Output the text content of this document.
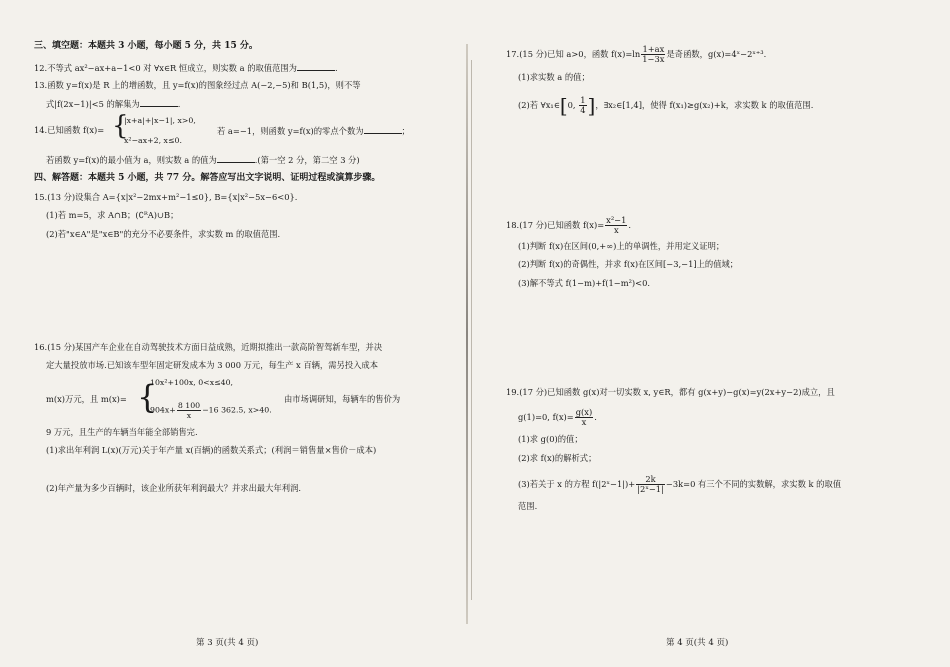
三、填空题：本题共 3 小题，每小题 5 分，共 15 分。
12.不等式 ax²−ax+a−1<0 对 ∀x∈R 恒成立，则实数 a 的取值范围为	.
13.函数 y=f(x)是 R 上的增函数，且 y=f(x)的图象经过点 A(−2,−5)和 B(1,5)，则不等
式|f(2x−1)|<5 的解集为	.
14.已知函数 f(x)= {
|x+a|+|x−1|, x>0,
x²−ax+2, x≤0.
若 a=−1，则函数 y=f(x)的零点个数为	；
若函数 y=f(x)的最小值为 a，则实数 a 的值为	.(第一空 2 分，第二空 3 分)
四、解答题：本题共 5 小题，共 77 分。解答应写出文字说明、证明过程或演算步骤。
15.(13 分)设集合 A={x|x²−2mx+m²−1≤0}, B={x|x²−5x−6<0}.
(1)若 m=5，求 A∩B；(∁ᴿA)∪B；
(2)若"x∈A"是"x∈B"的充分不必要条件，求实数 m 的取值范围.
16.(15 分)某国产车企业在自动驾驶技术方面日益成熟，近期拟推出一款高阶智驾新车型，并决
定大量投放市场.已知该车型年固定研发成本为 3 000 万元，每生产 x 百辆，需另投入成本
m(x)万元，且 m(x)= {
10x²+100x, 0<x≤40,
$904x+ \frac{8 100}{x} -16$ 362.5, x>40.
由市场调研知，每辆车的售价为
9 万元，且生产的车辆当年能全部销售完.
(1)求出年利润 L(x)(万元)关于年产量 x(百辆)的函数关系式；(利润＝销售量×售价－成本)
(2)年产量为多少百辆时，该企业所获年利润最大？并求出最大年利润.
第 3 页(共 4 页)
17.(15 分)已知 a>0，函数 $f(x)=\ln \frac{1+ax}{1-3x}$ 是奇函数，g(x)=4ˣ−2ˣ⁺³.
(1)求实数 a 的值；
(2)若 ∀x₁∈[0, $\frac{1}{4}$ ]，∃x₂∈[1,4]，使得 f(x₁)≥g(x₂)+k，求实数 k 的取值范围.
18.(17 分)已知函数 $f(x)= \frac{\text{x²−1}}{x}$ .
(1)判断 f(x)在区间(0,+∞)上的单调性，并用定义证明；
(2)判断 f(x)的奇偶性，并求 f(x)在区间[−3,−1]上的值域；
(3)解不等式 f(1−m)+f(1−m²)<0.
19.(17 分)已知函数 g(x)对一切实数 x, y∈R，都有 g(x+y)−g(x)=y(2x+y−2)成立，且
g(1)=0, $f(x)= \frac{g(x)}{x}$ .
(1)求 g(0)的值；
(2)求 f(x)的解析式；
(3)若关于 x 的方程 f(|2ˣ−1|)+ $\frac{2k}{\text{|2ˣ−1|}} -3k=0$ 有三个不同的实数解，求实数 k 的取值
范围.
第 4 页(共 4 页)
